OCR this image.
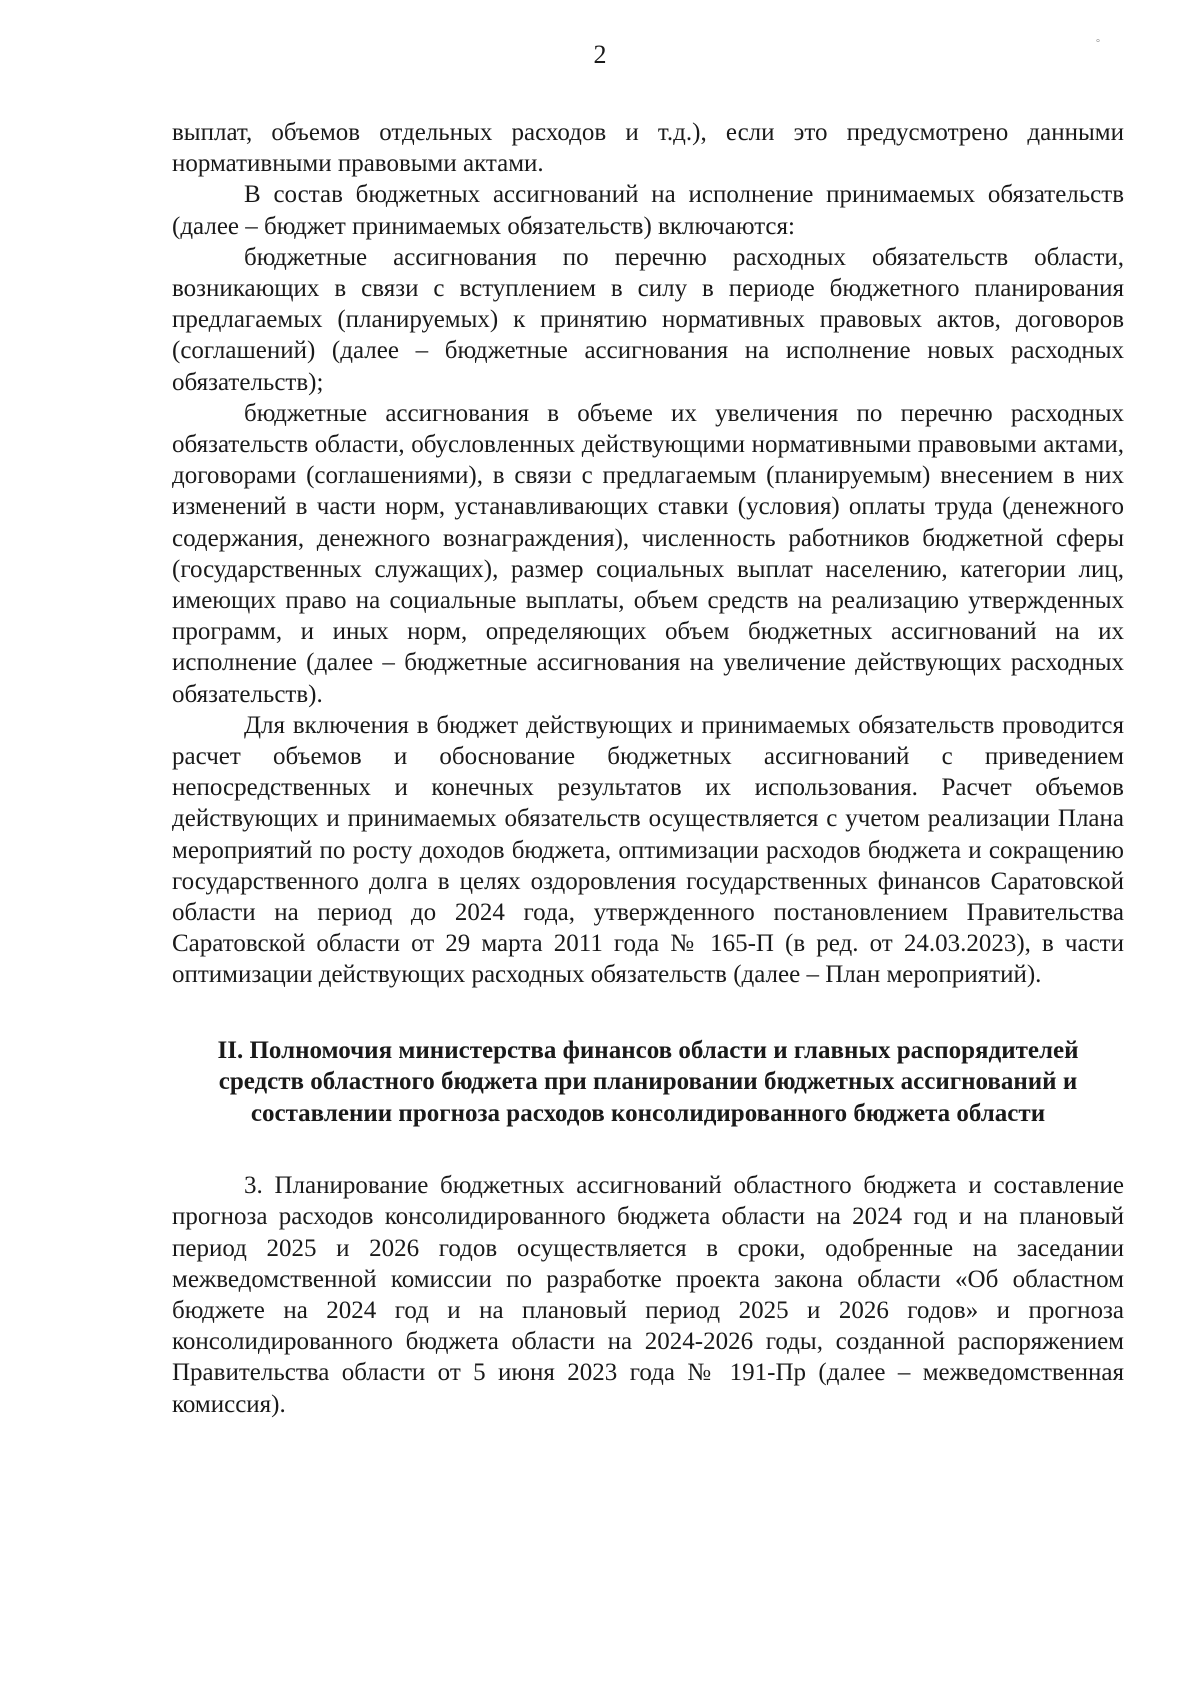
2	°

выплат, объемов отдельных расходов и т.д.), если это предусмотрено данными нормативными правовыми актами.

В состав бюджетных ассигнований на исполнение принимаемых обязательств (далее – бюджет принимаемых обязательств) включаются:

бюджетные ассигнования по перечню расходных обязательств области, возникающих в связи с вступлением в силу в периоде бюджетного планирования предлагаемых (планируемых) к принятию нормативных правовых актов, договоров (соглашений) (далее – бюджетные ассигнования на исполнение новых расходных обязательств);

бюджетные ассигнования в объеме их увеличения по перечню расходных обязательств области, обусловленных действующими нормативными правовыми актами, договорами (соглашениями), в связи с предлагаемым (планируемым) внесением в них изменений в части норм, устанавливающих ставки (условия) оплаты труда (денежного содержания, денежного вознаграждения), численность работников бюджетной сферы (государственных служащих), размер социальных выплат населению, категории лиц, имеющих право на социальные выплаты, объем средств на реализацию утвержденных программ, и иных норм, определяющих объем бюджетных ассигнований на их исполнение (далее – бюджетные ассигнования на увеличение действующих расходных обязательств).

Для включения в бюджет действующих и принимаемых обязательств проводится расчет объемов и обоснование бюджетных ассигнований с приведением непосредственных и конечных результатов их использования. Расчет объемов действующих и принимаемых обязательств осуществляется с учетом реализации Плана мероприятий по росту доходов бюджета, оптимизации расходов бюджета и сокращению государственного долга в целях оздоровления государственных финансов Саратовской области на период до 2024 года, утвержденного постановлением Правительства Саратовской области от 29 марта 2011 года № 165-П (в ред. от 24.03.2023), в части оптимизации действующих расходных обязательств (далее – План мероприятий).

II. Полномочия министерства финансов области и главных распорядителей средств областного бюджета при планировании бюджетных ассигнований и составлении прогноза расходов консолидированного бюджета области

3. Планирование бюджетных ассигнований областного бюджета и составление прогноза расходов консолидированного бюджета области на 2024 год и на плановый период 2025 и 2026 годов осуществляется в сроки, одобренные на заседании межведомственной комиссии по разработке проекта закона области «Об областном бюджете на 2024 год и на плановый период 2025 и 2026 годов» и прогноза консолидированного бюджета области на 2024-2026 годы, созданной распоряжением Правительства области от 5 июня 2023 года № 191-Пр (далее – межведомственная комиссия).
